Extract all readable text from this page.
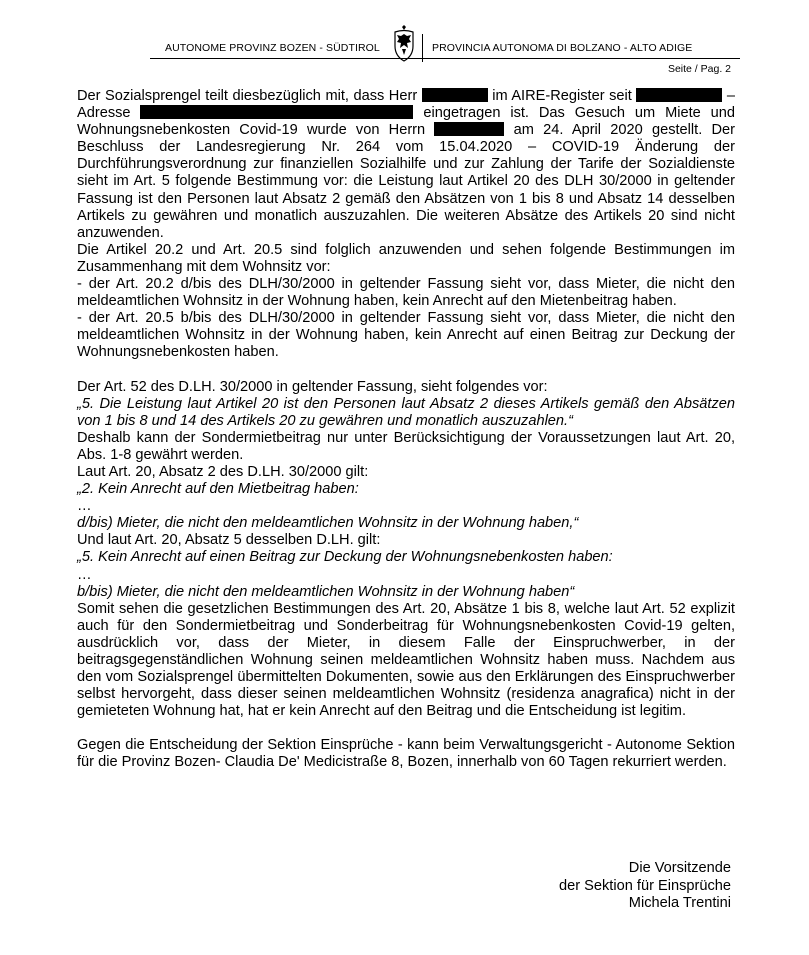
AUTONOME PROVINZ BOZEN - SÜDTIROL	PROVINCIA AUTONOMA DI BOLZANO - ALTO ADIGE
Seite / Pag. 2

Der Sozialsprengel teilt diesbezüglich mit, dass Herr	im AIRE-Register seit	– Adresse	eingetragen ist. Das Gesuch um Miete und Wohnungsnebenkosten Covid-19 wurde von Herrn	am 24. April 2020 gestellt. Der Beschluss der Landesregierung Nr. 264 vom 15.04.2020 – COVID-19 Änderung der Durchführungsverordnung zur finanziellen Sozialhilfe und zur Zahlung der Tarife der Sozialdienste sieht im Art. 5 folgende Bestimmung vor: die Leistung laut Artikel 20 des DLH 30/2000 in geltender Fassung ist den Personen laut Absatz 2 gemäß den Absätzen von 1 bis 8 und Absatz 14 desselben Artikels zu gewähren und monatlich auszuzahlen. Die weiteren Absätze des Artikels 20 sind nicht anzuwenden.

Die Artikel 20.2 und Art. 20.5 sind folglich anzuwenden und sehen folgende Bestimmungen im Zusammenhang mit dem Wohnsitz vor:

- der Art. 20.2 d/bis des DLH/30/2000 in geltender Fassung sieht vor, dass Mieter, die nicht den meldeamtlichen Wohnsitz in der Wohnung haben, kein Anrecht auf den Mietenbeitrag haben.

- der Art. 20.5 b/bis des DLH/30/2000 in geltender Fassung sieht vor, dass Mieter, die nicht den meldeamtlichen Wohnsitz in der Wohnung haben, kein Anrecht auf einen Beitrag zur Deckung der Wohnungsnebenkosten haben.

Der Art. 52 des D.LH. 30/2000 in geltender Fassung, sieht folgendes vor:

„5. Die Leistung laut Artikel 20 ist den Personen laut Absatz 2 dieses Artikels gemäß den Absätzen von 1 bis 8 und 14 des Artikels 20 zu gewähren und monatlich auszuzahlen.“

Deshalb kann der Sondermietbeitrag nur unter Berücksichtigung der Voraussetzungen laut Art. 20, Abs. 1-8 gewährt werden.

Laut Art. 20, Absatz 2 des D.LH. 30/2000 gilt:

„2. Kein Anrecht auf den Mietbeitrag haben:

…

d/bis) Mieter, die nicht den meldeamtlichen Wohnsitz in der Wohnung haben,“

Und laut Art. 20, Absatz 5 desselben D.LH. gilt:

„5. Kein Anrecht auf einen Beitrag zur Deckung der Wohnungsnebenkosten haben:

…

b/bis) Mieter, die nicht den meldeamtlichen Wohnsitz in der Wohnung haben“

Somit sehen die gesetzlichen Bestimmungen des Art. 20, Absätze 1 bis 8, welche laut Art. 52 explizit auch für den Sondermietbeitrag und Sonderbeitrag für Wohnungsnebenkosten Covid-19 gelten, ausdrücklich vor, dass der Mieter, in diesem Falle der Einspruchwerber, in der beitragsgegenständlichen Wohnung seinen meldeamtlichen Wohnsitz haben muss. Nachdem aus den vom Sozialsprengel übermittelten Dokumenten, sowie aus den Erklärungen des Einspruchwerber selbst hervorgeht, dass dieser seinen meldeamtlichen Wohnsitz (residenza anagrafica) nicht in der gemieteten Wohnung hat, hat er kein Anrecht auf den Beitrag und die Entscheidung ist legitim.

Gegen die Entscheidung der Sektion Einsprüche - kann beim Verwaltungsgericht - Autonome Sektion für die Provinz Bozen- Claudia De' Medicistraße 8, Bozen, innerhalb von 60 Tagen rekurriert werden.

Die Vorsitzende
der Sektion für Einsprüche
Michela Trentini
